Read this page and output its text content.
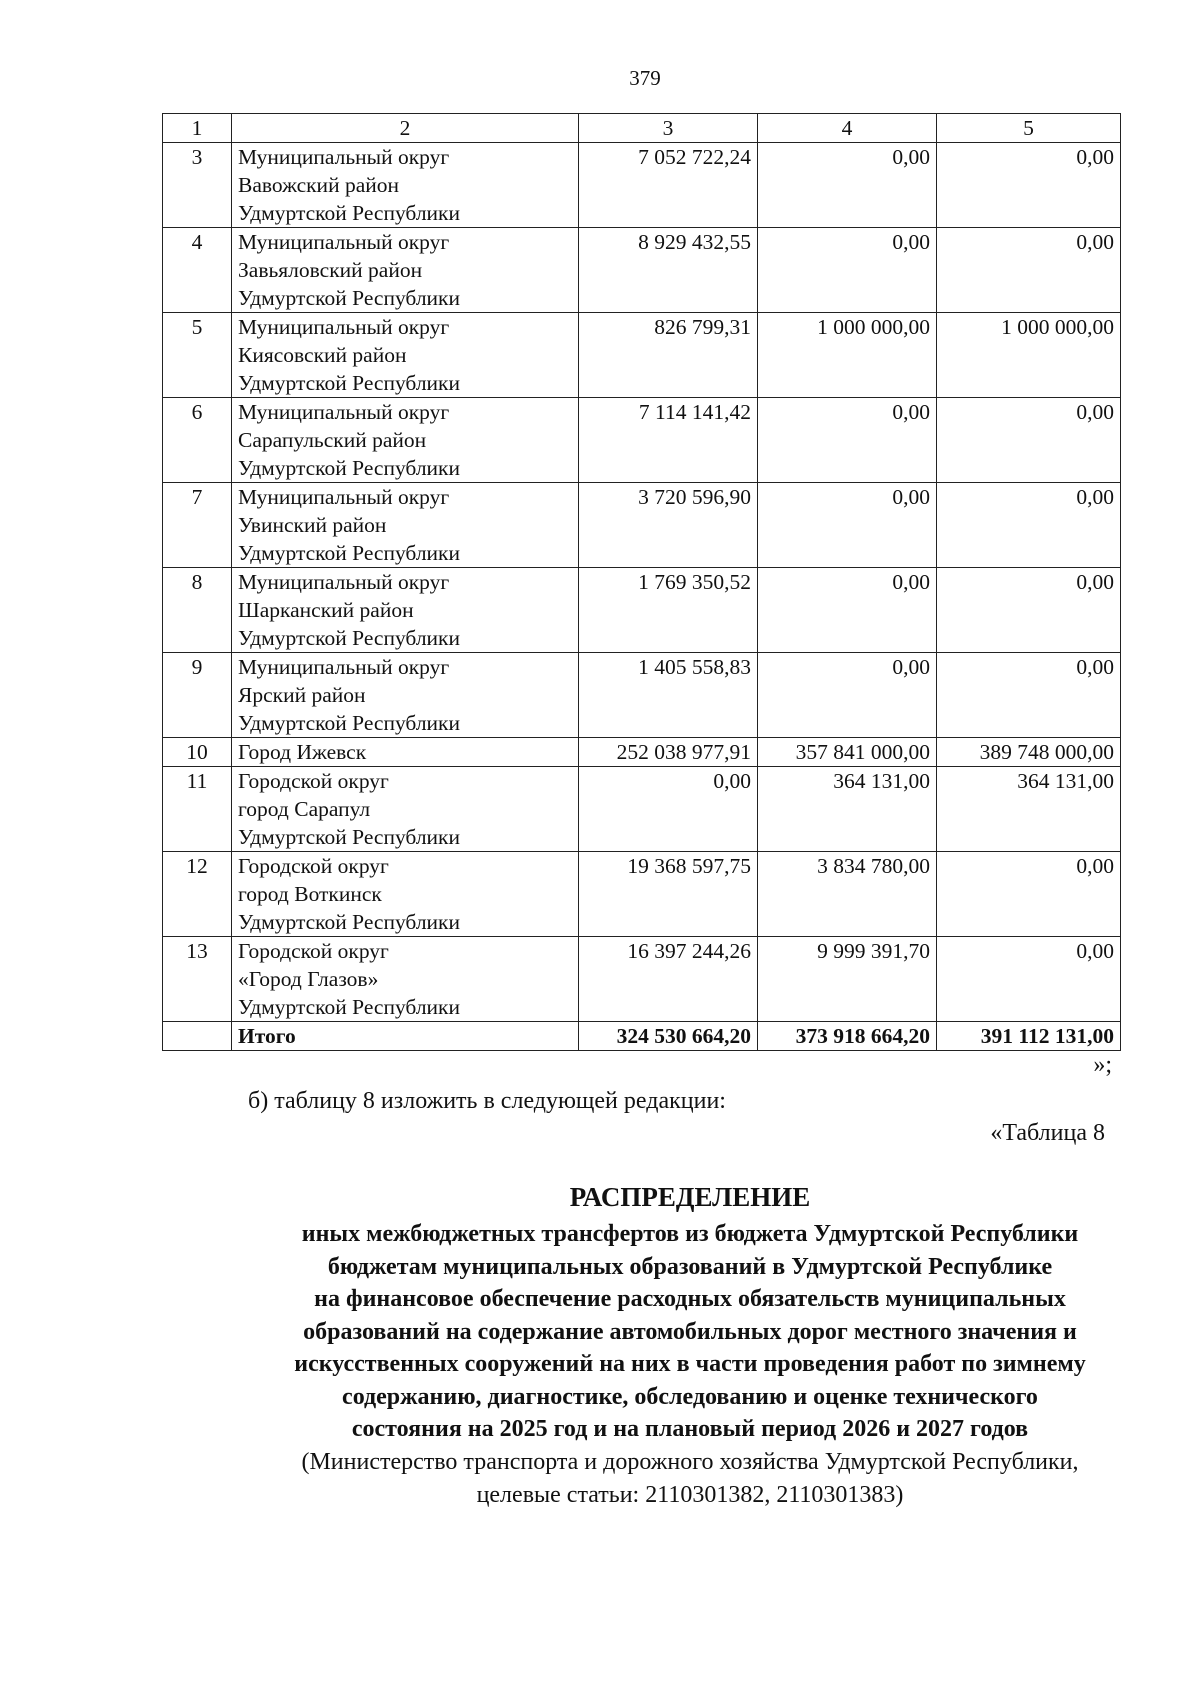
379
1	2	3	4	5
3	Муниципальный округ
Вавожский район
Удмуртской Республики	7 052 722,24	0,00	0,00
4	Муниципальный округ
Завьяловский район
Удмуртской Республики	8 929 432,55	0,00	0,00
5	Муниципальный округ
Киясовский район
Удмуртской Республики	826 799,31	1 000 000,00	1 000 000,00
6	Муниципальный округ
Сарапульский район
Удмуртской Республики	7 114 141,42	0,00	0,00
7	Муниципальный округ
Увинский район
Удмуртской Республики	3 720 596,90	0,00	0,00
8	Муниципальный округ
Шарканский район
Удмуртской Республики	1 769 350,52	0,00	0,00
9	Муниципальный округ
Ярский район
Удмуртской Республики	1 405 558,83	0,00	0,00
10	Город Ижевск	252 038 977,91	357 841 000,00	389 748 000,00
11	Городской округ
город Сарапул
Удмуртской Республики	0,00	364 131,00	364 131,00
12	Городской округ
город Воткинск
Удмуртской Республики	19 368 597,75	3 834 780,00	0,00
13	Городской округ
«Город Глазов»
Удмуртской Республики	16 397 244,26	9 999 391,70	0,00
	Итого	324 530 664,20	373 918 664,20	391 112 131,00
»;
б) таблицу 8 изложить в следующей редакции:
«Таблица 8
РАСПРЕДЕЛЕНИЕ
иных межбюджетных трансфертов из бюджета Удмуртской Республики
бюджетам муниципальных образований в Удмуртской Республике
на финансовое обеспечение расходных обязательств муниципальных
образований на содержание автомобильных дорог местного значения и
искусственных сооружений на них в части проведения работ по зимнему
содержанию, диагностике, обследованию и оценке технического
состояния на 2025 год и на плановый период 2026 и 2027 годов
(Министерство транспорта и дорожного хозяйства Удмуртской Республики,
целевые статьи: 2110301382, 2110301383)
